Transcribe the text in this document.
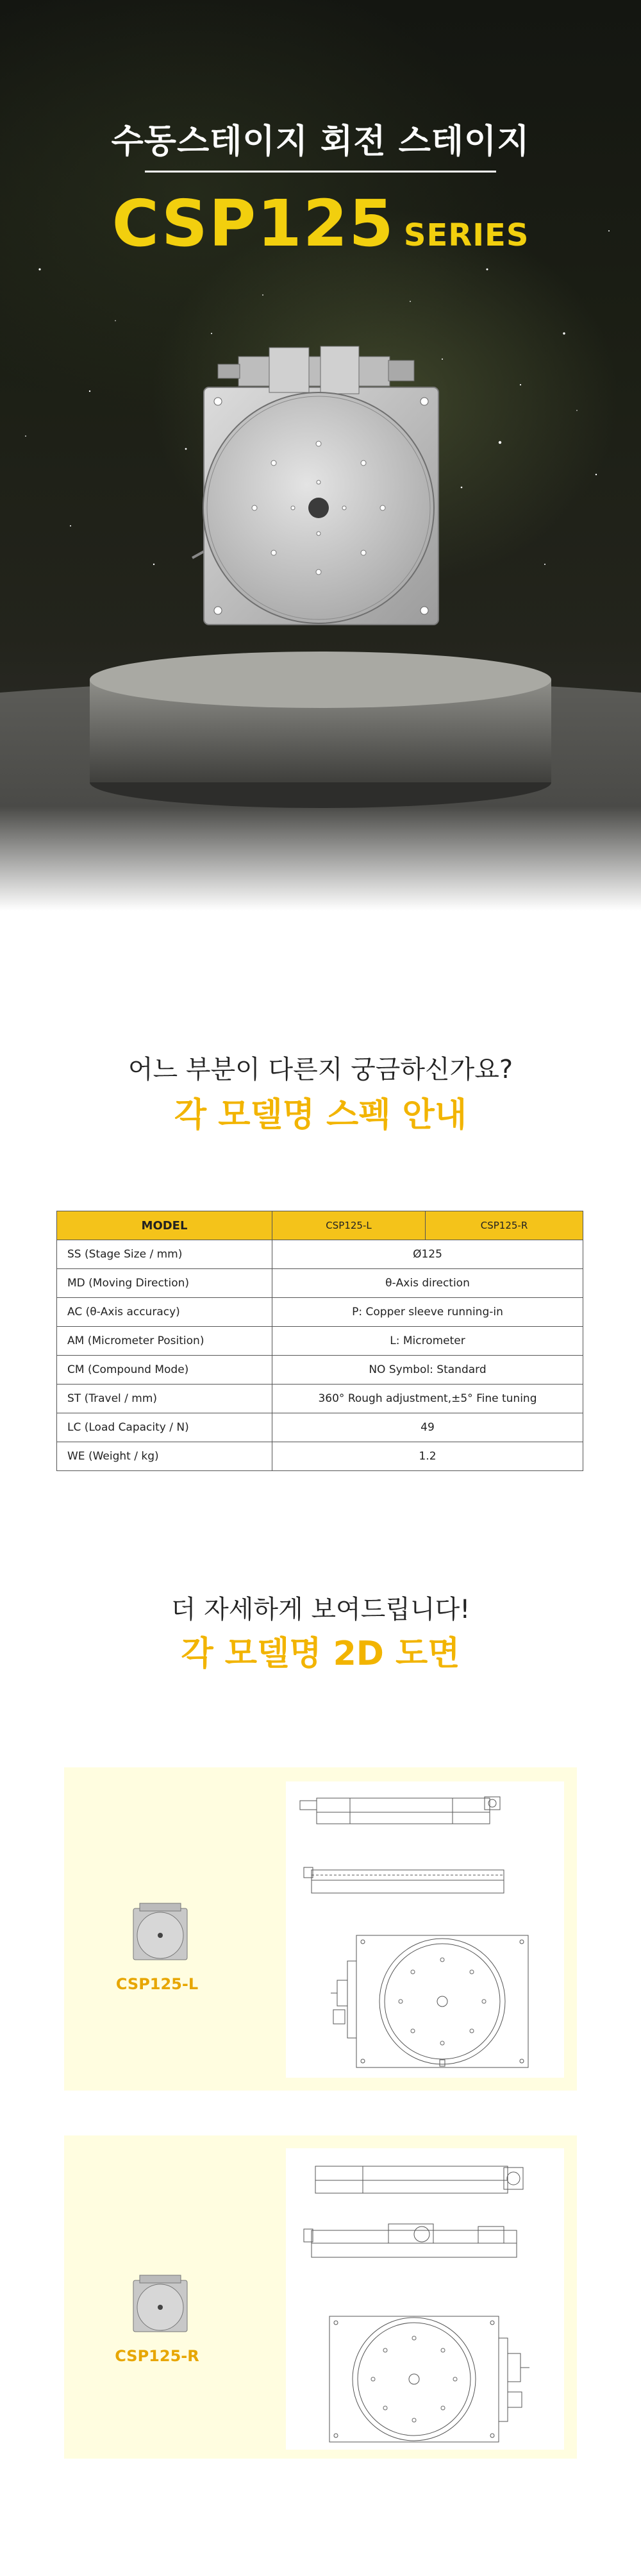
수동스테이지 회전 스테이지
CSP125 SERIES
어느 부분이 다른지 궁금하신가요?
각 모델명 스펙 안내
MODEL	CSP125-L	CSP125-R
SS (Stage Size / mm)	Ø125	
MD (Moving Direction)	θ-Axis direction	
AC (θ-Axis accuracy)	P: Copper sleeve running-in	
AM (Micrometer Position)	L: Micrometer	
CM (Compound Mode)	NO Symbol: Standard	
ST (Travel / mm)	360° Rough adjustment,±5° Fine tuning	
LC (Load Capacity / N)	49	
WE (Weight / kg)	1.2	
더 자세하게 보여드립니다!
각 모델명 2D 도면
CSP125-L
CSP125-R
